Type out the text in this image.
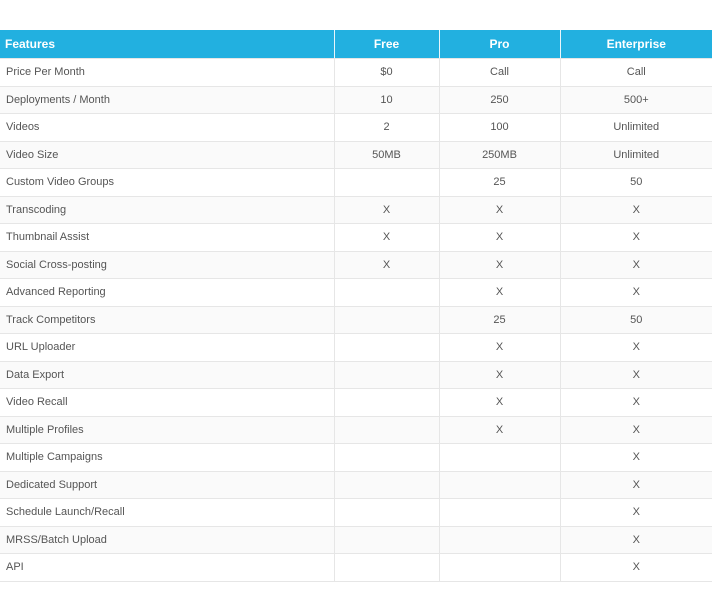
Features	Free	Pro	Enterprise
Price Per Month	$0	Call	Call
Deployments / Month	10	250	500+
Videos	2	100	Unlimited
Video Size	50MB	250MB	Unlimited
Custom Video Groups		25	50
Transcoding	X	X	X
Thumbnail Assist	X	X	X
Social Cross-posting	X	X	X
Advanced Reporting		X	X
Track Competitors		25	50
URL Uploader		X	X
Data Export		X	X
Video Recall		X	X
Multiple Profiles		X	X
Multiple Campaigns			X
Dedicated Support			X
Schedule Launch/Recall			X
MRSS/Batch Upload			X
API			X
